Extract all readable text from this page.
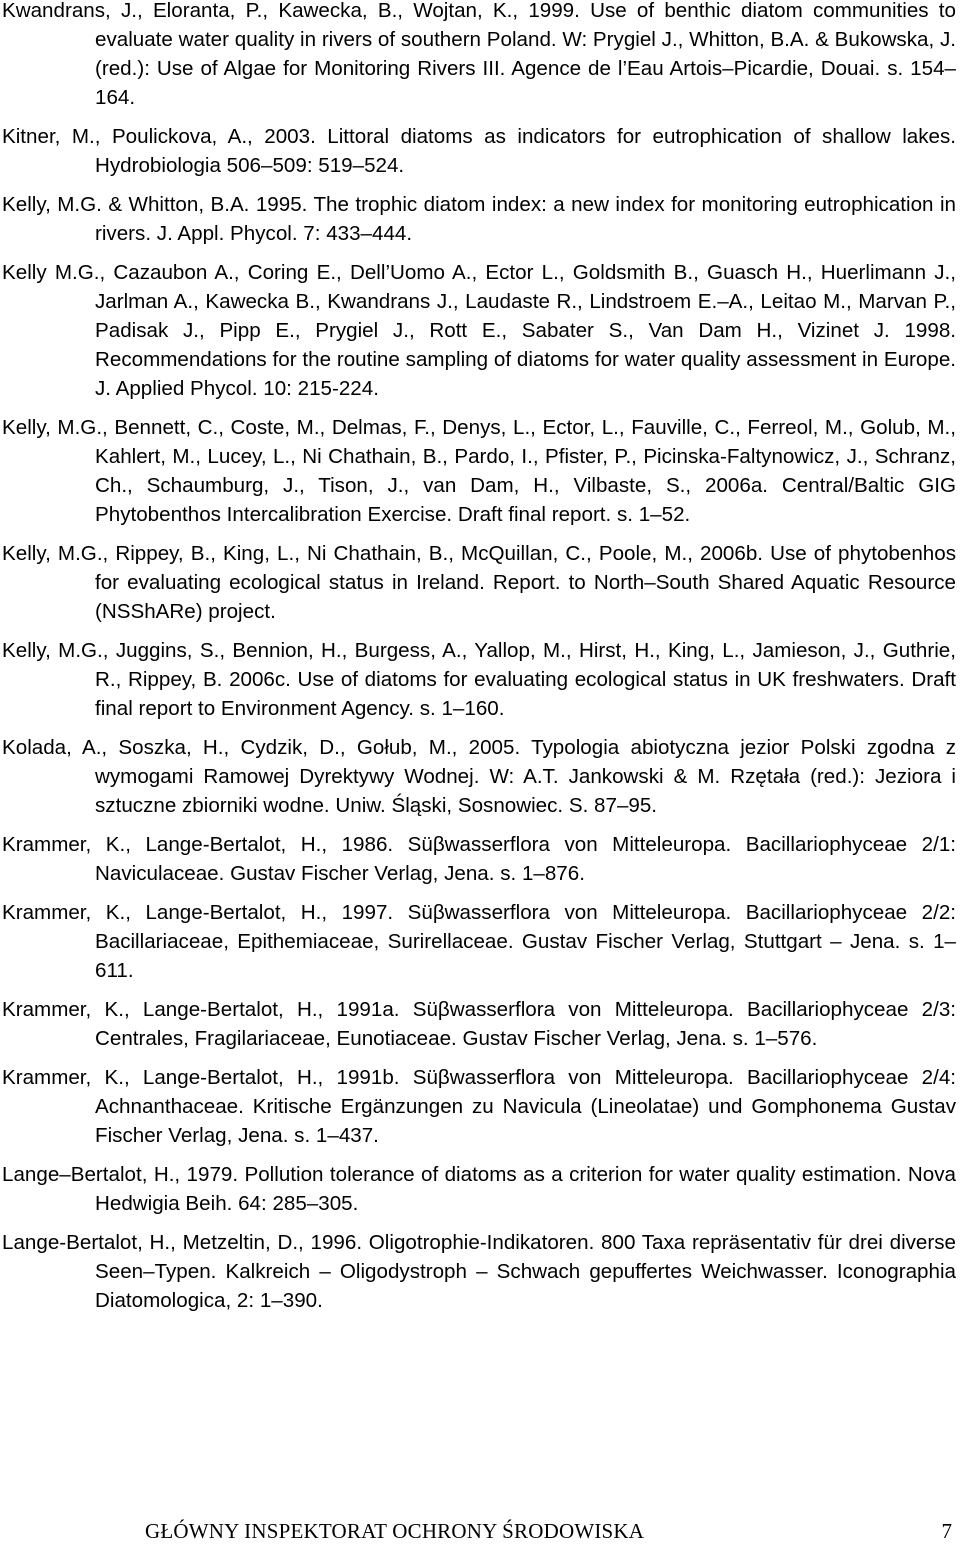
Kwandrans, J., Eloranta, P., Kawecka, B., Wojtan, K., 1999. Use of benthic diatom communities to evaluate water quality in rivers of southern Poland. W: Prygiel J., Whitton, B.A. & Bukowska, J. (red.): Use of Algae for Monitoring Rivers III. Agence de l’Eau Artois–Picardie, Douai. s. 154–164.
Kitner, M., Poulickova, A., 2003. Littoral diatoms as indicators for eutrophication of shallow lakes. Hydrobiologia 506–509: 519–524.
Kelly, M.G. & Whitton, B.A. 1995. The trophic diatom index: a new index for monitoring eutrophication in rivers. J. Appl. Phycol. 7: 433–444.
Kelly M.G., Cazaubon A., Coring E., Dell’Uomo A., Ector L., Goldsmith B., Guasch H., Huerlimann J., Jarlman A., Kawecka B., Kwandrans J., Laudaste R., Lindstroem E.–A., Leitao M., Marvan P., Padisak J., Pipp E., Prygiel J., Rott E., Sabater S., Van Dam H., Vizinet J. 1998. Recommendations for the routine sampling of diatoms for water quality assessment in Europe. J. Applied Phycol. 10: 215-224.
Kelly, M.G., Bennett, C., Coste, M., Delmas, F., Denys, L., Ector, L., Fauville, C., Ferreol, M., Golub, M., Kahlert, M., Lucey, L., Ni Chathain, B., Pardo, I., Pfister, P., Picinska-Faltynowicz, J., Schranz, Ch., Schaumburg, J., Tison, J., van Dam, H., Vilbaste, S., 2006a. Central/Baltic GIG Phytobenthos Intercalibration Exercise. Draft final report. s. 1–52.
Kelly, M.G., Rippey, B., King, L., Ni Chathain, B., McQuillan, C., Poole, M., 2006b. Use of phytobenhos for evaluating ecological status in Ireland. Report. to North–South Shared Aquatic Resource (NSShARe) project.
Kelly, M.G., Juggins, S., Bennion, H., Burgess, A., Yallop, M., Hirst, H., King, L., Jamieson, J., Guthrie, R., Rippey, B. 2006c. Use of diatoms for evaluating ecological status in UK freshwaters. Draft final report to Environment Agency. s. 1–160.
Kolada, A., Soszka, H., Cydzik, D., Gołub, M., 2005. Typologia abiotyczna jezior Polski zgodna z wymogami Ramowej Dyrektywy Wodnej. W: A.T. Jankowski & M. Rzętała (red.): Jeziora i sztuczne zbiorniki wodne. Uniw. Śląski, Sosnowiec. S. 87–95.
Krammer, K., Lange-Bertalot, H., 1986. Süβwasserflora von Mitteleuropa. Bacillariophyceae 2/1: Naviculaceae. Gustav Fischer Verlag, Jena. s. 1–876.
Krammer, K., Lange-Bertalot, H., 1997. Süβwasserflora von Mitteleuropa. Bacillariophyceae 2/2: Bacillariaceae, Epithemiaceae, Surirellaceae. Gustav Fischer Verlag, Stuttgart – Jena. s. 1–611.
Krammer, K., Lange-Bertalot, H., 1991a. Süβwasserflora von Mitteleuropa. Bacillariophyceae 2/3: Centrales, Fragilariaceae, Eunotiaceae. Gustav Fischer Verlag, Jena. s. 1–576.
Krammer, K., Lange-Bertalot, H., 1991b. Süβwasserflora von Mitteleuropa. Bacillariophyceae 2/4: Achnanthaceae. Kritische Ergänzungen zu Navicula (Lineolatae) und Gomphonema Gustav Fischer Verlag, Jena. s. 1–437.
Lange–Bertalot, H., 1979. Pollution tolerance of diatoms as a criterion for water quality estimation. Nova Hedwigia Beih. 64: 285–305.
Lange-Bertalot, H., Metzeltin, D., 1996. Oligotrophie-Indikatoren. 800 Taxa repräsentativ für drei diverse Seen–Typen. Kalkreich – Oligodystroph – Schwach gepuffertes Weichwasser. Iconographia Diatomologica, 2: 1–390.
GŁÓWNY INSPEKTORAT OCHRONY ŚRODOWISKA	7
